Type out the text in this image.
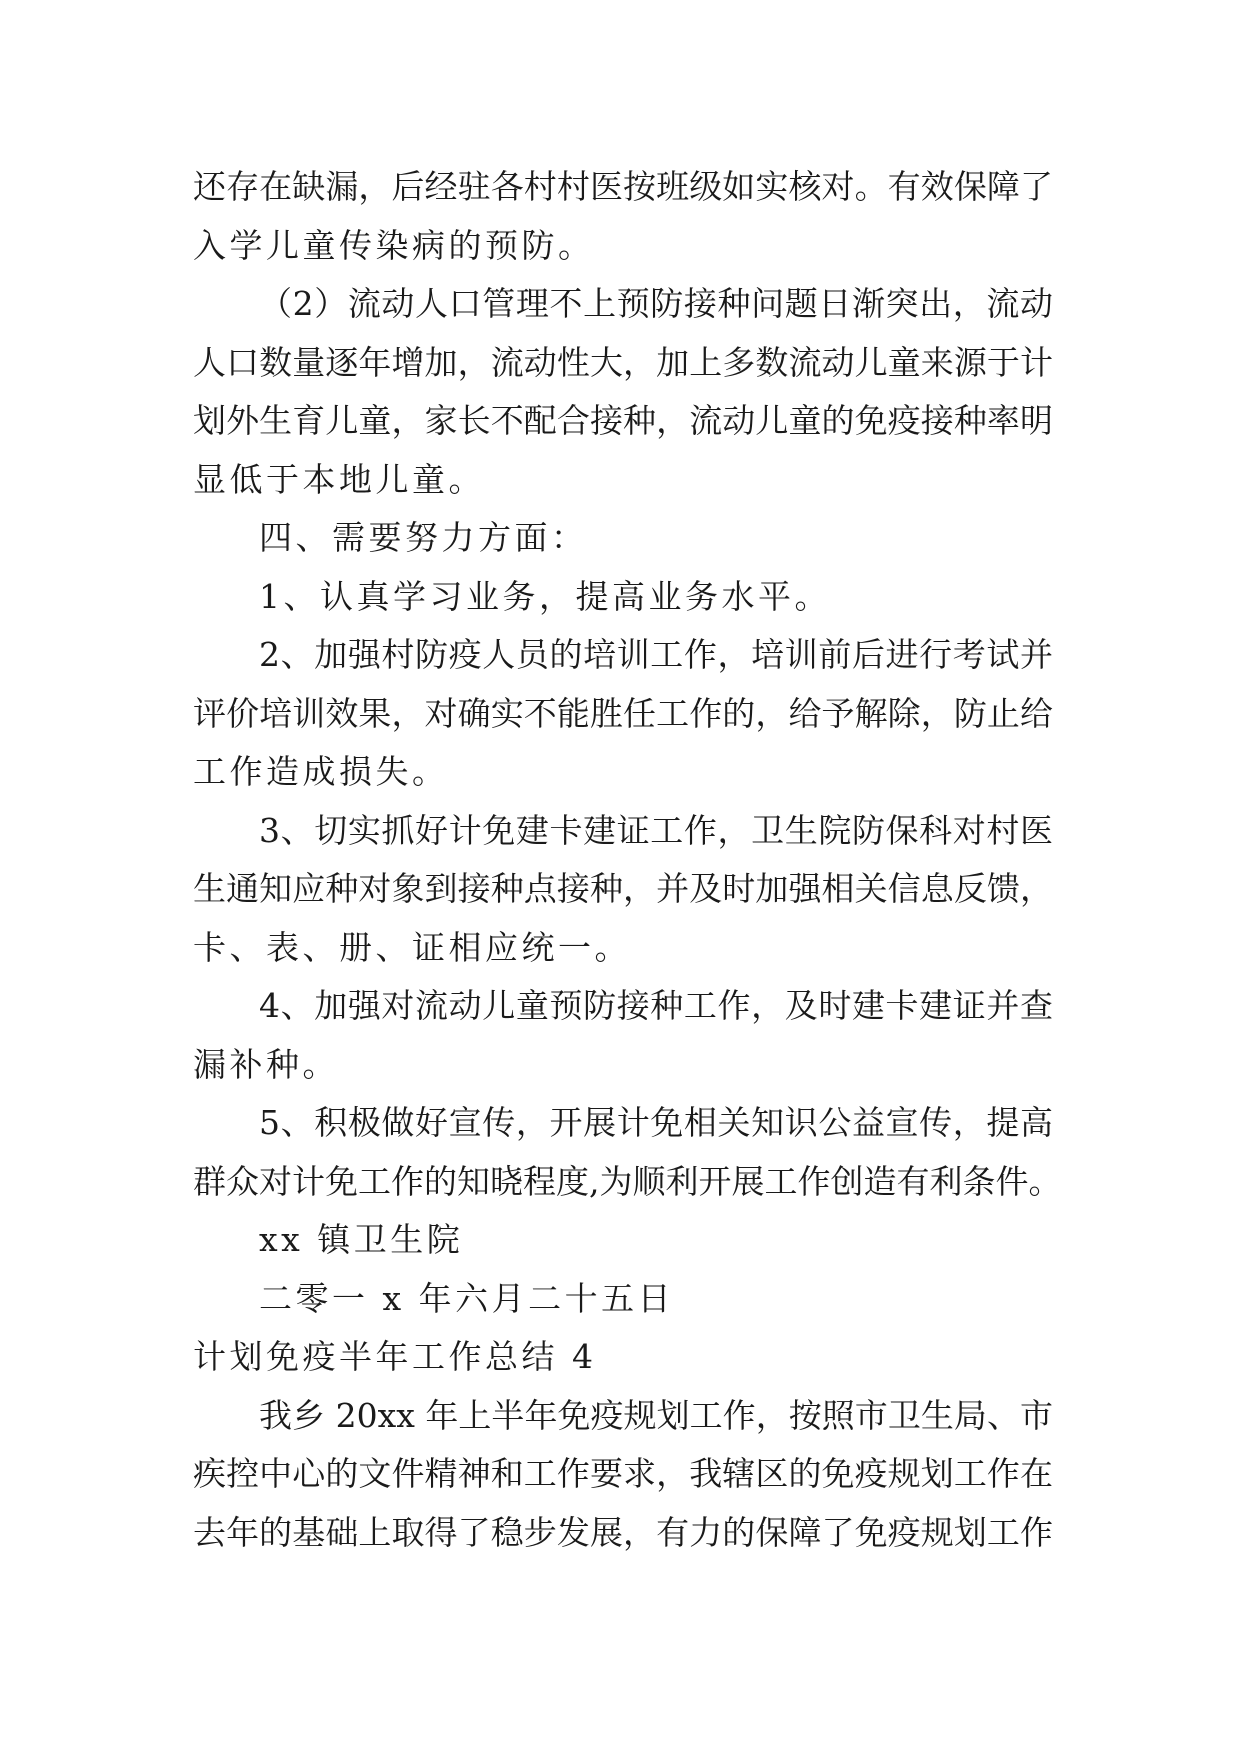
还存在缺漏，后经驻各村村医按班级如实核对。有效保障了
入学儿童传染病的预防。
（2）流动人口管理不上预防接种问题日渐突出，流动
人口数量逐年增加，流动性大，加上多数流动儿童来源于计
划外生育儿童，家长不配合接种，流动儿童的免疫接种率明
显低于本地儿童。
四、需要努力方面：
1、认真学习业务，提高业务水平。
2、加强村防疫人员的培训工作，培训前后进行考试并
评价培训效果，对确实不能胜任工作的，给予解除，防止给
工作造成损失。
3、切实抓好计免建卡建证工作，卫生院防保科对村医
生通知应种对象到接种点接种，并及时加强相关信息反馈，
卡、表、册、证相应统一。
4、加强对流动儿童预防接种工作，及时建卡建证并查
漏补种。
5、积极做好宣传，开展计免相关知识公益宣传，提高
群众对计免工作的知晓程度,为顺利开展工作创造有利条件。
xx 镇卫生院
二零一 x 年六月二十五日
计划免疫半年工作总结 4
我乡 20xx 年上半年免疫规划工作，按照市卫生局、市
疾控中心的文件精神和工作要求，我辖区的免疫规划工作在
去年的基础上取得了稳步发展，有力的保障了免疫规划工作
